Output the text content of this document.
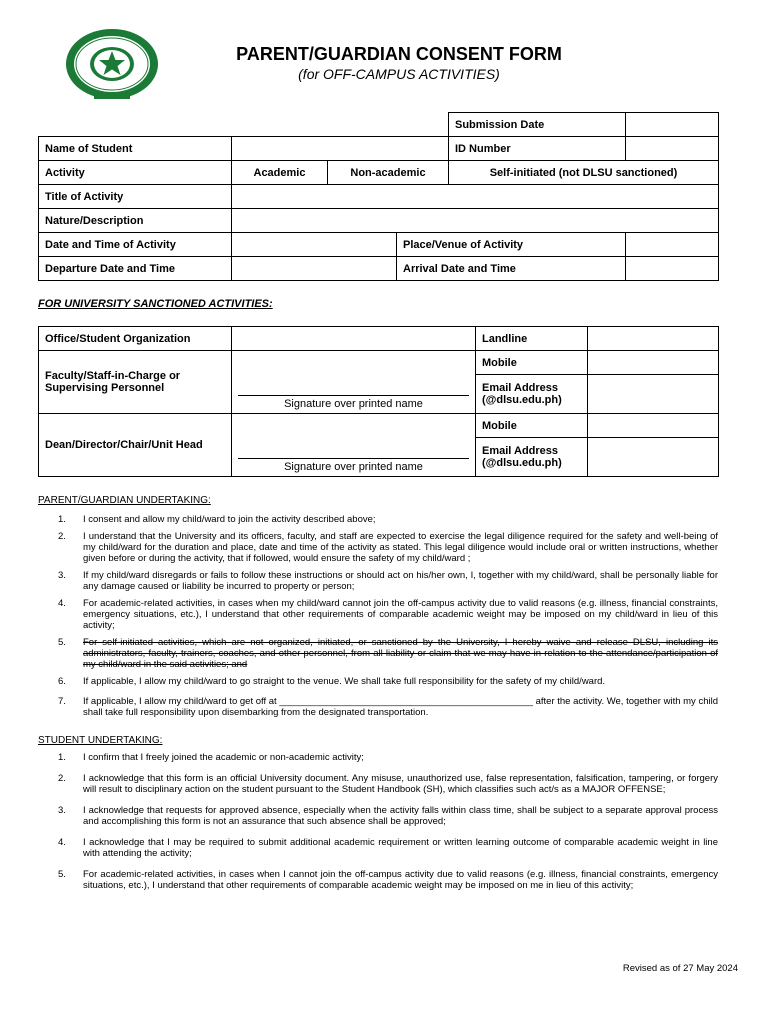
PARENT/GUARDIAN CONSENT FORM
(for OFF-CAMPUS ACTIVITIES)
				Submission Date	
Name of Student				ID Number	
Activity	Academic	Non-academic		Self-initiated (not DLSU sanctioned)	
Title of Activity					
Nature/Description					
Date and Time of Activity			Place/Venue of Activity		
Departure Date and Time			Arrival Date and Time		
FOR UNIVERSITY SANCTIONED ACTIVITIES:
Office/Student Organization		Landline	
Faculty/Staff-in-Charge or Supervising Personnel	Signature over printed name	Mobile	

		Email Address
(@dlsu.edu.ph)	

Dean/Director/Chair/Unit Head	Signature over printed name	Mobile	

		Email Address
(@dlsu.edu.ph)	

PARENT/GUARDIAN UNDERTAKING:
1. I consent and allow my child/ward to join the activity described above;
2. I understand that the University and its officers, faculty, and staff are expected to exercise the legal diligence required for the safety and well-being of my child/ward for the duration and place, date and time of the activity as stated. This legal diligence would include oral or written instructions, whether given before or during the activity, that if followed, would ensure the safety of my child/ward ;
3. If my child/ward disregards or fails to follow these instructions or should act on his/her own, I, together with my child/ward, shall be personally liable for any damage caused or liability be incurred to property or person;
4. For academic-related activities, in cases when my child/ward cannot join the off-campus activity due to valid reasons (e.g. illness, financial constraints, emergency situations, etc.), I understand that other requirements of comparable academic weight may be imposed on my child/ward in lieu of this activity;
5. For self-initiated activities, which are not organized, initiated, or sanctioned by the University, I hereby waive and release DLSU, including its administrators, faculty, trainers, coaches, and other personnel, from all liability or claim that we may have in relation to the attendance/participation of my child/ward in the said activities; and
6. If applicable, I allow my child/ward to go straight to the venue. We shall take full responsibility for the safety of my child/ward.
7. If applicable, I allow my child/ward to get off at ________________________________________________ after the activity. We, together with my child shall take full responsibility upon disembarking from the designated transportation.
STUDENT UNDERTAKING:
1. I confirm that I freely joined the academic or non-academic activity;
2. I acknowledge that this form is an official University document. Any misuse, unauthorized use, false representation, falsification, tampering, or forgery will result to disciplinary action on the student pursuant to the Student Handbook (SH), which classifies such act/s as a MAJOR OFFENSE;
3. I acknowledge that requests for approved absence, especially when the activity falls within class time, shall be subject to a separate approval process and accomplishing this form is not an assurance that such absence shall be approved;
4. I acknowledge that I may be required to submit additional academic requirement or written learning outcome of comparable academic weight in line with attending the activity;
5. For academic-related activities, in cases when I cannot join the off-campus activity due to valid reasons (e.g. illness, financial constraints, emergency situations, etc.), I understand that other requirements of comparable academic weight may be imposed on me in lieu of this activity;
Revised as of 27 May 2024
